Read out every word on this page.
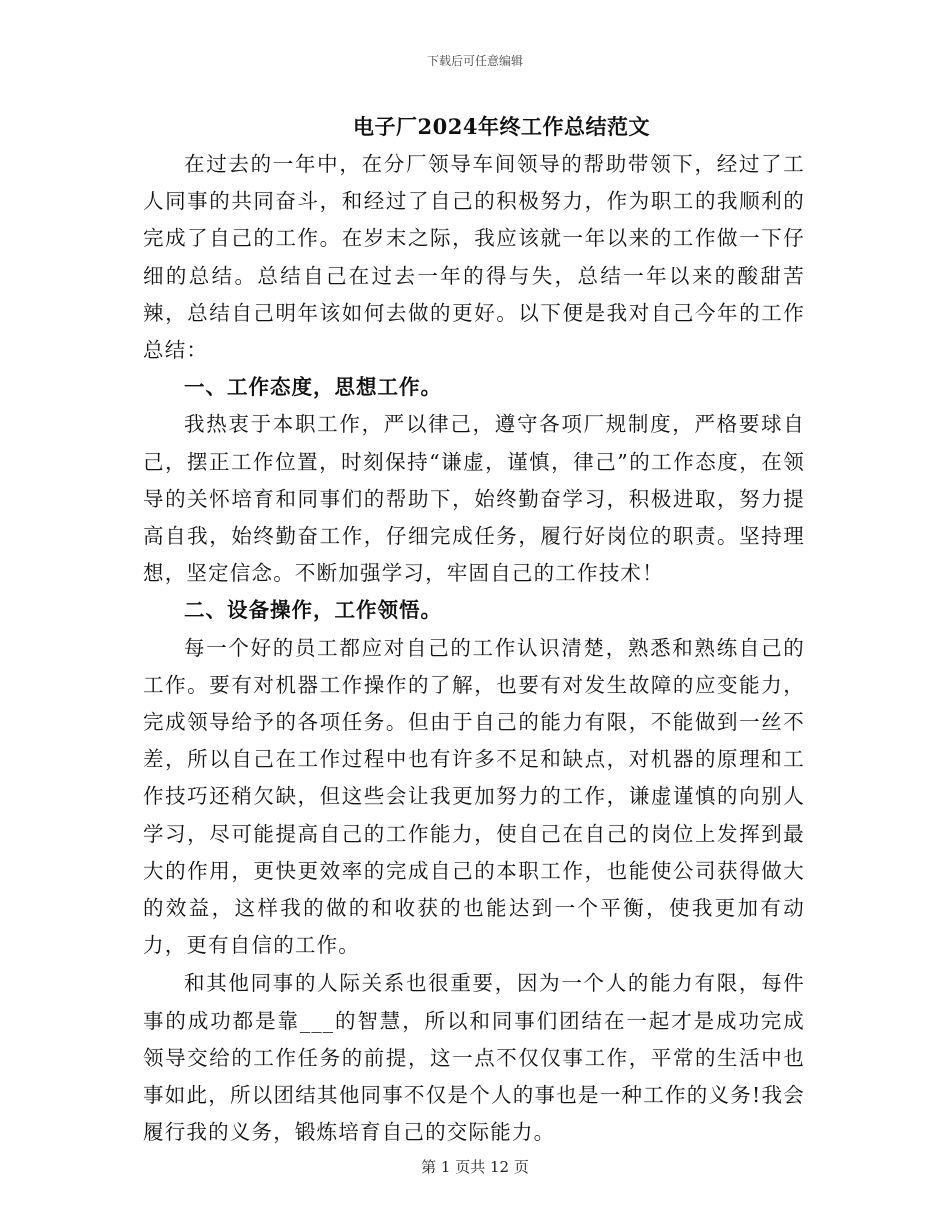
下载后可任意编辑
电子厂2024年终工作总结范文

在过去的一年中，在分厂领导车间领导的帮助带领下，经过了工人同事的共同奋斗，和经过了自己的积极努力，作为职工的我顺利的完成了自己的工作。在岁末之际，我应该就一年以来的工作做一下仔细的总结。总结自己在过去一年的得与失，总结一年以来的酸甜苦辣，总结自己明年该如何去做的更好。以下便是我对自己今年的工作总结：

一、工作态度，思想工作。

我热衷于本职工作，严以律己，遵守各项厂规制度，严格要球自己，摆正工作位置，时刻保持“谦虚，谨慎，律己”的工作态度，在领导的关怀培育和同事们的帮助下，始终勤奋学习，积极进取，努力提高自我，始终勤奋工作，仔细完成任务，履行好岗位的职责。坚持理想，坚定信念。不断加强学习，牢固自己的工作技术！

二、设备操作，工作领悟。

每一个好的员工都应对自己的工作认识清楚，熟悉和熟练自己的工作。要有对机器工作操作的了解，也要有对发生故障的应变能力，完成领导给予的各项任务。但由于自己的能力有限，不能做到一丝不差，所以自己在工作过程中也有许多不足和缺点，对机器的原理和工作技巧还稍欠缺，但这些会让我更加努力的工作，谦虚谨慎的向别人学习，尽可能提高自己的工作能力，使自己在自己的岗位上发挥到最大的作用，更快更效率的完成自己的本职工作，也能使公司获得做大的效益，这样我的做的和收获的也能达到一个平衡，使我更加有动力，更有自信的工作。

和其他同事的人际关系也很重要，因为一个人的能力有限，每件事的成功都是靠___的智慧，所以和同事们团结在一起才是成功完成领导交给的工作任务的前提，这一点不仅仅事工作，平常的生活中也事如此，所以团结其他同事不仅是个人的事也是一种工作的义务!我会履行我的义务，锻炼培育自己的交际能力。

第 1 页共 12 页
